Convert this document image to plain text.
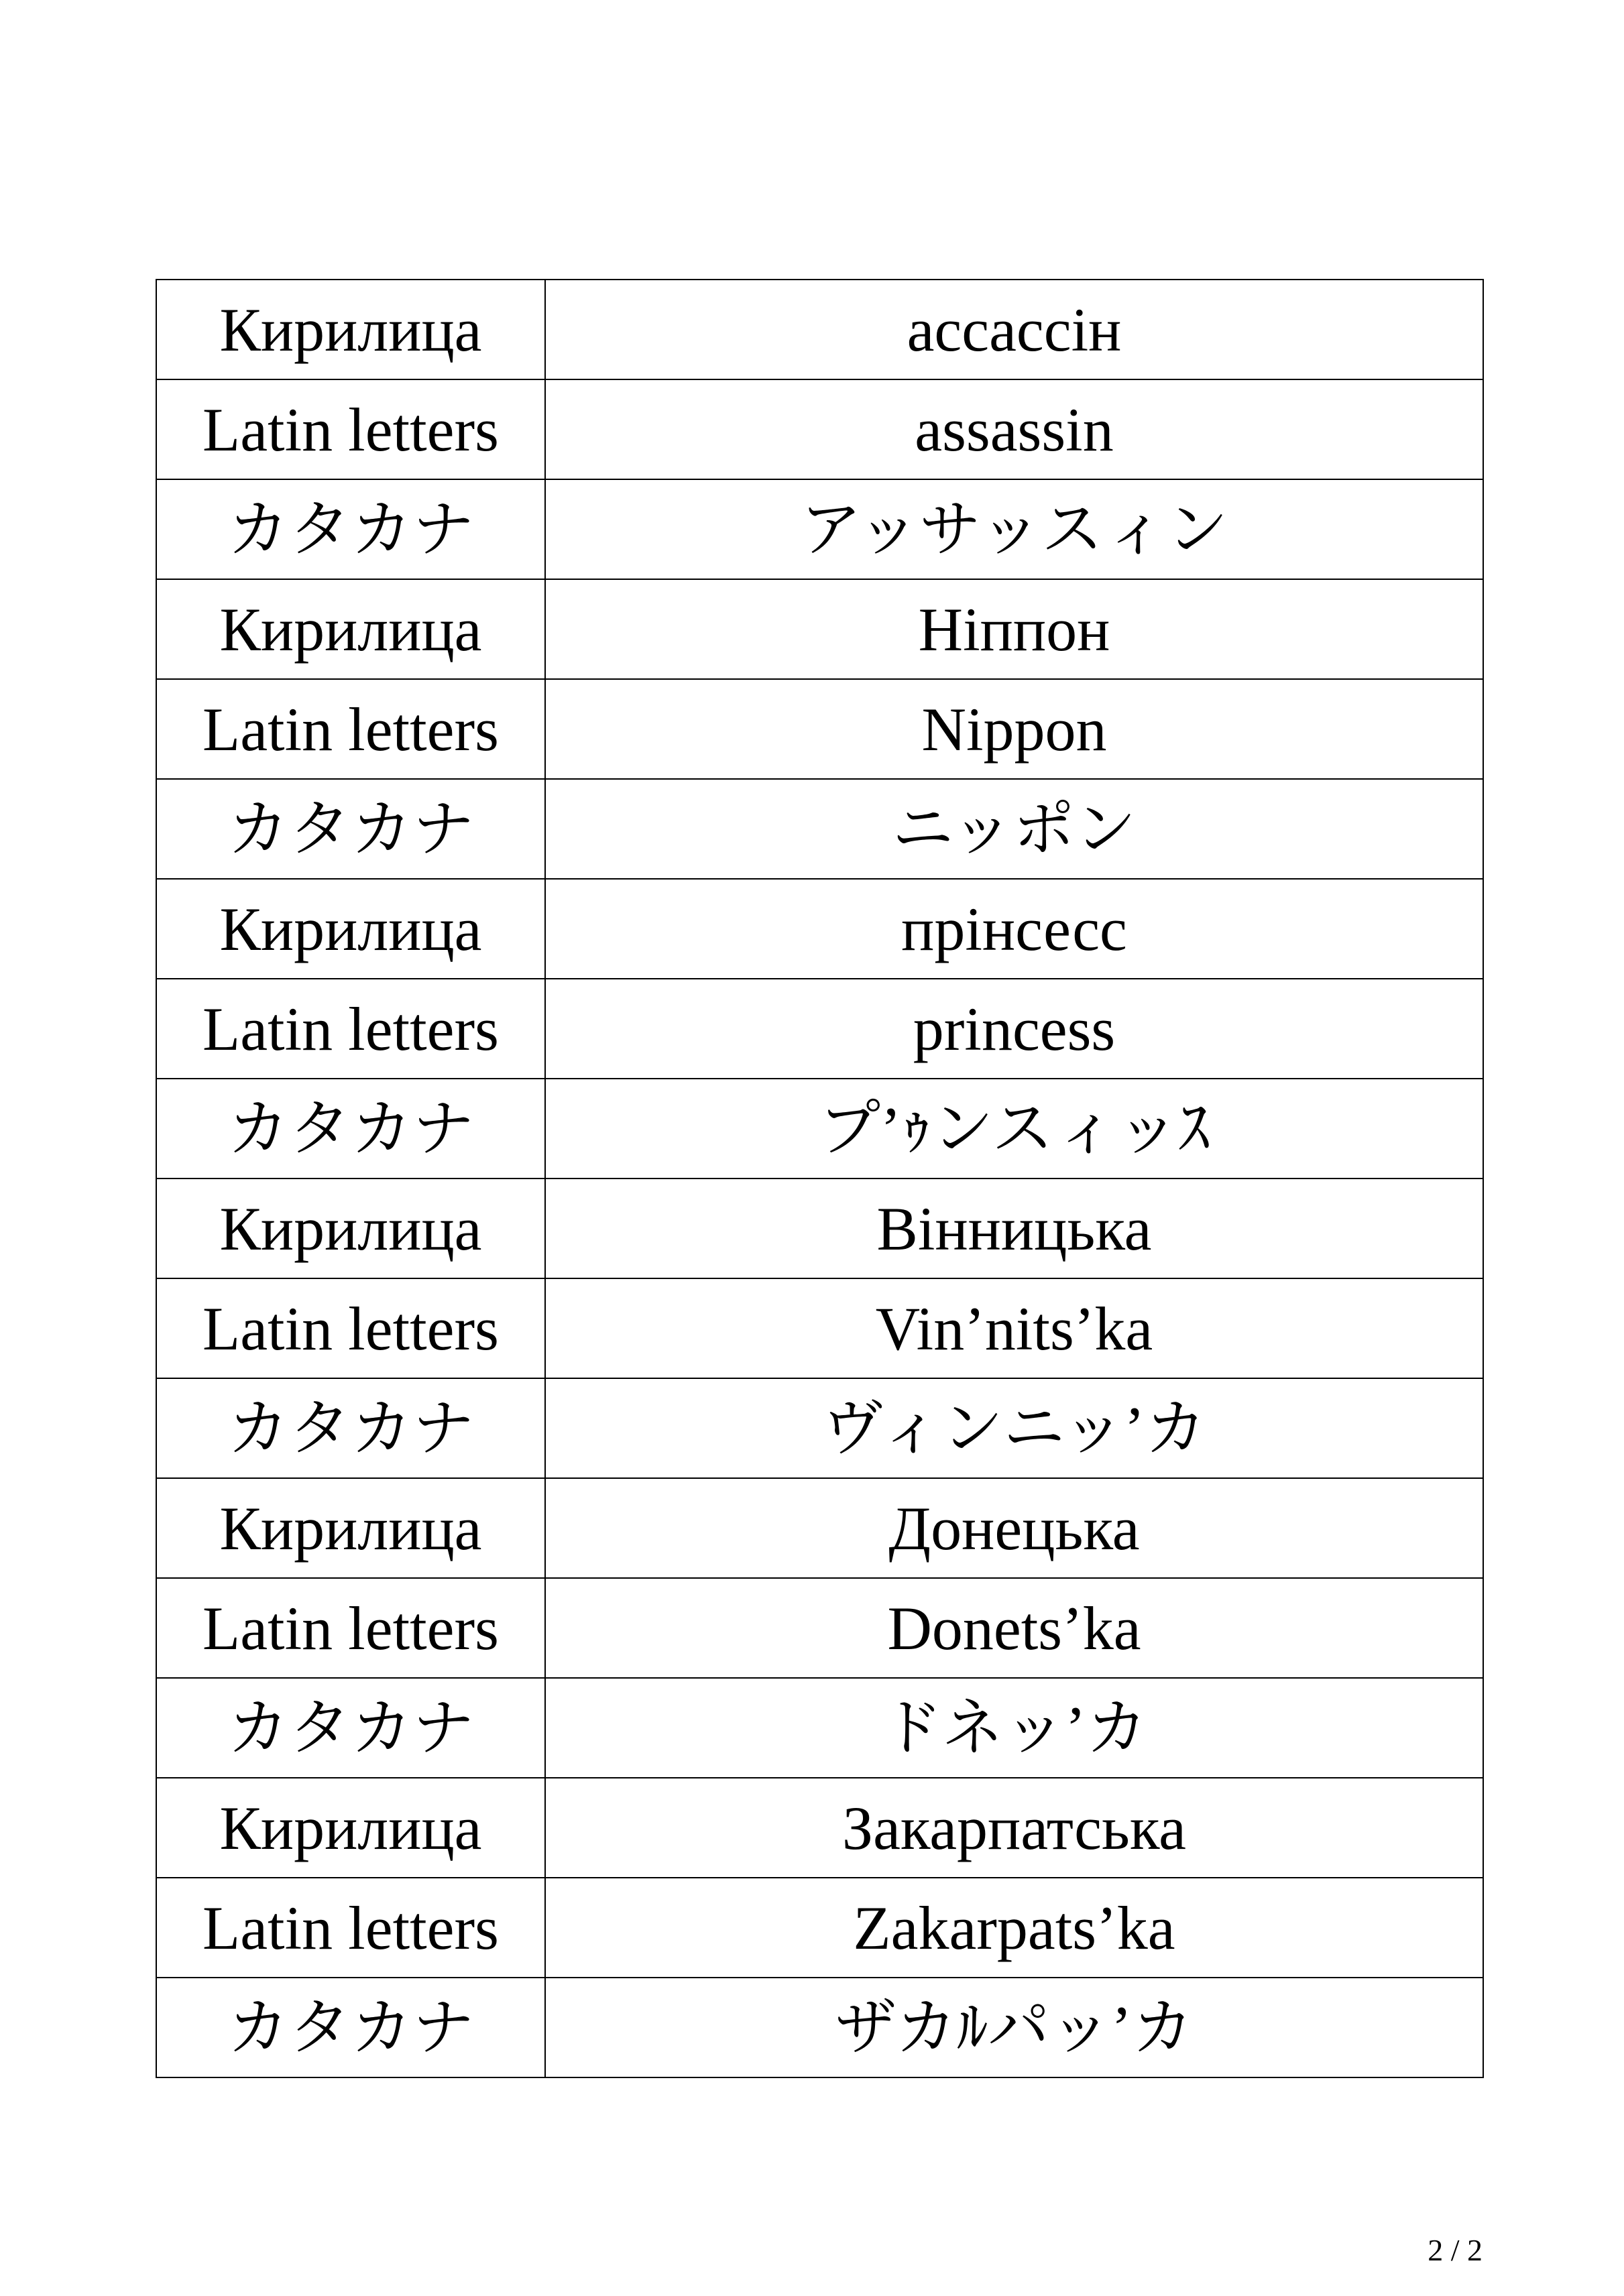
Кирилица	accacciн
Latin letters	assassin
カタカナ	アッサッスィン
Кирилица	Hiппон
Latin letters	Nippon
カタカナ	ニッポン
Кирилица	прiнсесс
Latin letters	princess
カタカナ	プ’ｩンスィッｽ
Кирилица	Вiнницька
Latin letters	Vin’nits’ka
カタカナ	ヴィンニッ’カ
Кирилица	Донецька
Latin letters	Donets’ka
カタカナ	ドネッ’カ
Кирилица	Закарпатська
Latin letters	Zakarpats’ka
カタカナ	ザカﾙパッ’カ
2 / 2
